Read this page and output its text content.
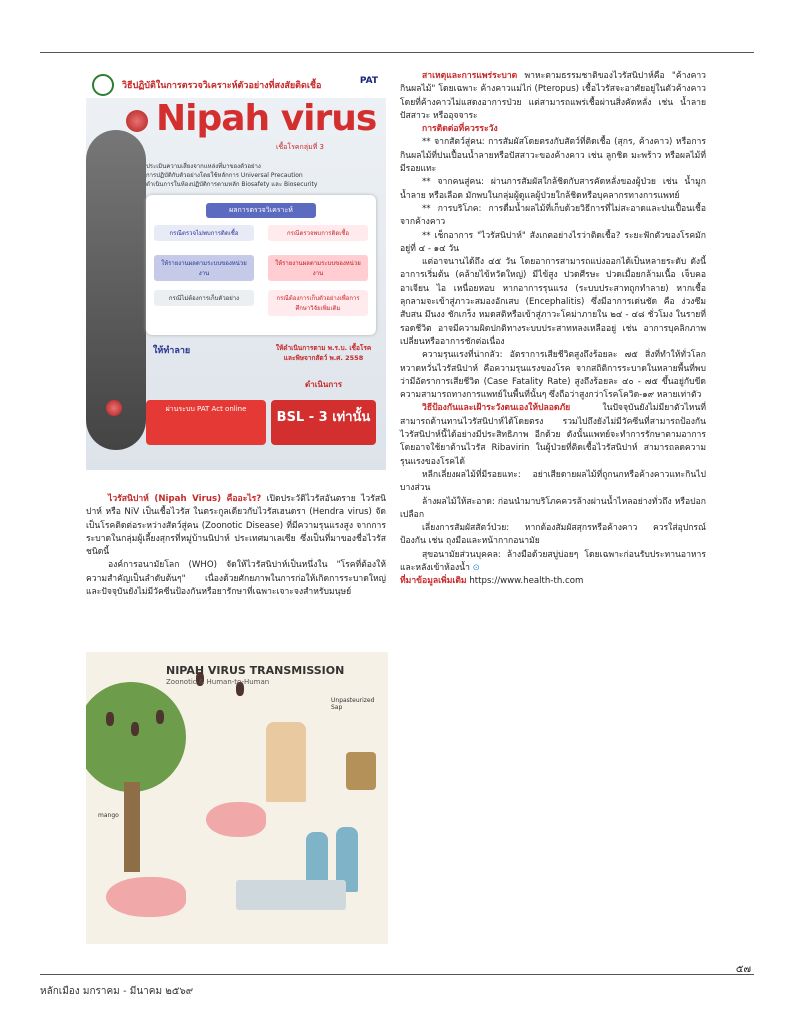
วิธีปฏิบัติในการตรวจวิเคราะห์ตัวอย่างที่สงสัยติดเชื้อ	PAT
Nipah virus
เชื้อโรคกลุ่มที่ 3
ประเมินความเสี่ยงจากแหล่งที่มาของตัวอย่าง
การปฏิบัติกับตัวอย่างโดยใช้หลักการ Universal Precaution
ดำเนินการในห้องปฏิบัติการตามหลัก Biosafety และ Biosecurity
ผลการตรวจวิเคราะห์
กรณีตรวจไม่พบการติดเชื้อ	กรณีตรวจพบการติดเชื้อ
ให้รายงานผลตามระบบของหน่วยงาน
ให้รายงานผลตามระบบของหน่วยงาน
กรณีไม่ต้องการเก็บตัวอย่าง	กรณีต้องการเก็บตัวอย่างเพื่อการศึกษาวิจัยเพิ่มเติม
ให้ทำลาย	ให้ดำเนินการตาม พ.ร.บ. เชื้อโรคและพิษจากสัตว์ พ.ศ. 2558
ดำเนินการ
ผ่านระบบ PAT Act online
BSL - 3 เท่านั้น

ไวรัสนิปาห์ (Nipah Virus) คืออะไร? เปิดประวัติไวรัสอันตราย ไวรัสนิปาห์ หรือ NiV เป็นเชื้อไวรัส ในตระกูลเดียวกับไวรัสเฮนดรา (Hendra virus) จัดเป็นโรคติดต่อระหว่างสัตว์สู่คน (Zoonotic Disease) ที่มีความรุนแรงสูง จากการระบาดในกลุ่มผู้เลี้ยงสุกรที่หมู่บ้านนิปาห์ ประเทศมาเลเซีย ซึ่งเป็นที่มาของชื่อไวรัสชนิดนี้

องค์การอนามัยโลก (WHO) จัดให้ไวรัสนิปาห์เป็นหนึ่งใน "โรคที่ต้องให้ความสำคัญเป็นลำดับต้นๆ" เนื่องด้วยศักยภาพในการก่อให้เกิดการระบาดใหญ่ และปัจจุบันยังไม่มีวัคซีนป้องกันหรือยารักษาที่เฉพาะเจาะจงสำหรับมนุษย์

NIPAH VIRUS TRANSMISSION
Zoonotic & Human-to-Human
Unpasteurized Sap
mango

สาเหตุและการแพร่ระบาด พาหะตามธรรมชาติของไวรัสนิปาห์คือ "ค้างคาวกินผลไม้" โดยเฉพาะ ค้างคาวแม่ไก่ (Pteropus) เชื้อไวรัสจะอาศัยอยู่ในตัวค้างคาวโดยที่ค้างคาวไม่แสดงอาการป่วย แต่สามารถแพร่เชื้อผ่านสิ่งคัดหลั่ง เช่น น้ำลาย ปัสสาวะ หรืออุจจาระ

การติดต่อที่ควรระวัง

** จากสัตว์สู่คน: การสัมผัสโดยตรงกับสัตว์ที่ติดเชื้อ (สุกร, ค้างคาว) หรือการกินผลไม้ที่ปนเปื้อนน้ำลายหรือปัสสาวะของค้างคาว เช่น ลูกชิด มะพร้าว หรือผลไม้ที่มีรอยแทะ

** จากคนสู่คน: ผ่านการสัมผัสใกล้ชิดกับสารคัดหลั่งของผู้ป่วย เช่น น้ำมูก น้ำลาย หรือเลือด มักพบในกลุ่มผู้ดูแลผู้ป่วยใกล้ชิดหรือบุคลากรทางการแพทย์

** การบริโภค: การดื่มน้ำผลไม้ที่เก็บด้วยวิธีการที่ไม่สะอาดและปนเปื้อนเชื้อจากค้างคาว

** เช็กอาการ "ไวรัสนิปาห์" สังเกตอย่างไรว่าติดเชื้อ? ระยะฟักตัวของโรคมักอยู่ที่ ๔ - ๑๔ วัน

แต่อาจนานได้ถึง ๔๕ วัน โดยอาการสามารถแบ่งออกได้เป็นหลายระดับ ดังนี้ อาการเริ่มต้น (คล้ายไข้หวัดใหญ่) มีไข้สูง ปวดศีรษะ ปวดเมื่อยกล้ามเนื้อ เจ็บคอ อาเจียน ไอ เหนื่อยหอบ หากอาการรุนแรง (ระบบประสาทถูกทำลาย) หากเชื้อลุกลามจะเข้าสู่ภาวะสมองอักเสบ (Encephalitis) ซึ่งมีอาการเด่นชัด คือ ง่วงซึม สับสน มึนงง ชักเกร็ง หมดสติหรือเข้าสู่ภาวะโคม่าภายใน ๒๔ - ๔๘ ชั่วโมง ในรายที่รอดชีวิต อาจมีความผิดปกติทางระบบประสาทหลงเหลืออยู่ เช่น อาการบุคลิกภาพเปลี่ยนหรืออาการชักต่อเนื่อง

ความรุนแรงที่น่ากลัว: อัตราการเสียชีวิตสูงถึงร้อยละ ๗๕ สิ่งที่ทำให้ทั่วโลกหวาดหวั่นไวรัสนิปาห์ คือความรุนแรงของโรค จากสถิติการระบาดในหลายพื้นที่พบว่ามีอัตราการเสียชีวิต (Case Fatality Rate) สูงถึงร้อยละ ๔๐ - ๗๕ ขึ้นอยู่กับขีดความสามารถทางการแพทย์ในพื้นที่นั้นๆ ซึ่งถือว่าสูงกว่าโรคโควิด-๑๙ หลายเท่าตัว

วิธีป้องกันและเฝ้าระวังตนเองให้ปลอดภัย ในปัจจุบันยังไม่มียาตัวไหนที่สามารถต้านทานไวรัสนิปาห์ได้โดยตรง รวมไปถึงยังไม่มีวัคซีนที่สามารถป้องกันไวรัสนิปาห์นี้ได้อย่างมีประสิทธิภาพ อีกด้วย ดังนั้นแพทย์จะทำการรักษาตามอาการ โดยอาจใช้ยาต้านไวรัส Ribavirin ในผู้ป่วยที่ติดเชื้อไวรัสนิปาห์ สามารถลดความรุนแรงของโรคได้

หลีกเลี่ยงผลไม้ที่มีรอยแทะ: อย่าเสียดายผลไม้ที่ถูกนกหรือค้างคาวแทะกินไปบางส่วน

ล้างผลไม้ให้สะอาด: ก่อนนำมาบริโภคควรล้างผ่านน้ำไหลอย่างทั่วถึง หรือปอกเปลือก

เลี่ยงการสัมผัสสัตว์ป่วย: หากต้องสัมผัสสุกรหรือค้างคาว ควรใส่อุปกรณ์ป้องกัน เช่น ถุงมือและหน้ากากอนามัย

สุขอนามัยส่วนบุคคล: ล้างมือด้วยสบู่บ่อยๆ โดยเฉพาะก่อนรับประทานอาหารและหลังเข้าห้องน้ำ ⊙

ที่มาข้อมูลเพิ่มเติม https://www.health-th.com

๕๗
หลักเมือง มกราคม - มีนาคม ๒๕๖๙
